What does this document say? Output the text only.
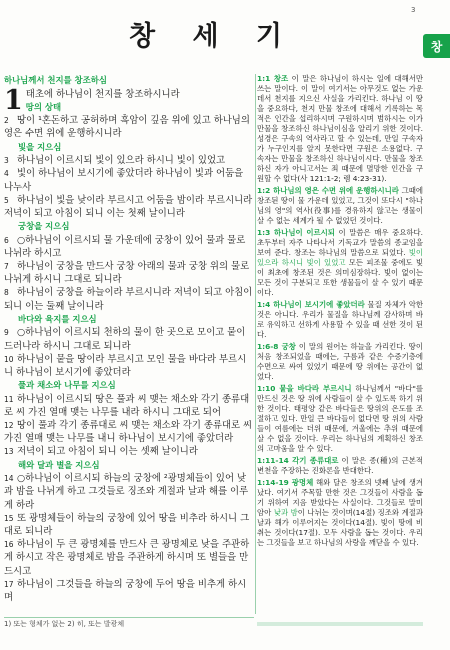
창 세 기
3
창
하나님께서 천지를 창조하심
1 태초에 하나님이 천지를 창조하시니라
땅의 상태
2 땅이 ¹혼돈하고 공허하며 흑암이 깊음 위에 있고 하나님의 영은 수면 위에 운행하시니라
빛을 지으심
3 하나님이 이르시되 빛이 있으라 하시니 빛이 있었고
4 빛이 하나님이 보시기에 좋았더라 하나님이 빛과 어둠을 나누사
5 하나님이 빛을 낮이라 부르시고 어둠을 밤이라 부르시니라 저녁이 되고 아침이 되니 이는 첫째 날이니라
궁창을 지으심
6 ○하나님이 이르시되 물 가운데에 궁창이 있어 물과 물로 나뉘라 하시고
7 하나님이 궁창을 만드사 궁창 아래의 물과 궁창 위의 물로 나뉘게 하시니 그대로 되니라
8 하나님이 궁창을 하늘이라 부르시니라 저녁이 되고 아침이 되니 이는 둘째 날이니라
바다와 육지를 지으심
9 ○하나님이 이르시되 천하의 물이 한 곳으로 모이고 뭍이 드러나라 하시니 그대로 되니라
10 하나님이 뭍을 땅이라 부르시고 모인 물을 바다라 부르시니 하나님이 보시기에 좋았더라
풀과 채소와 나무를 지으심
11 하나님이 이르시되 땅은 풀과 씨 맺는 채소와 각기 종류대로 씨 가진 열매 맺는 나무를 내라 하시니 그대로 되어
12 땅이 풀과 각기 종류대로 씨 맺는 채소와 각기 종류대로 씨 가진 열매 맺는 나무를 내니 하나님이 보시기에 좋았더라
13 저녁이 되고 아침이 되니 이는 셋째 날이니라
해와 달과 별을 지으심
14 ○하나님이 이르시되 하늘의 궁창에 ²광명체들이 있어 낮과 밤을 나뉘게 하고 그것들로 징조와 계절과 날과 해를 이루게 하라
15 또 광명체들이 하늘의 궁창에 있어 땅을 비추라 하시니 그대로 되니라
16 하나님이 두 큰 광명체를 만드사 큰 광명체로 낮을 주관하게 하시고 작은 광명체로 밤을 주관하게 하시며 또 별들을 만드시고
17 하나님이 그것들을 하늘의 궁창에 두어 땅을 비추게 하시며

1:1 창조 이 말은 하나님이 하시는 일에 대해서만 쓰는 말이다. 이 말이 여기서는 아무것도 없는 가운데서 천지를 지으신 사실을 가리킨다. 하나님 이 땅을 중요하다, 천지 만물 창조에 대해서 기록하는 목적은 인간을 섭리하시며 구원하시며 범하시는 이가 만물을 창조하신 하나님이심을 알리기 위한 것이다. 성경은 구속의 역사라고 할 수 있는데, 만일 구속자가 누구인지를 알지 못한다면 구원은 소용없다. 구속자는 만물을 창조하신 하나님이시다. 만물을 창조하신 자가 아니고서는 죄 때문에 멸망한 인간을 구원할 수 없다(사 121:1-2; 렘 4:23-31).

1:2 하나님의 영은 수면 위에 운행하시니라 그때에 창조된 땅이 물 가운데 있었고, 그것이 또다시 "하나님의 영"의 역사(役事)를 경유하지 않고는 생물이 살 수 없는 세계가 될 수 없었던 것이다.

1:3 하나님이 이르시되 이 말씀은 매우 중요하다. 초두부터 자주 나타나서 기독교가 말씀의 종교임을 보여 준다. 창조는 하나님의 말씀으로 되었다. 빛이 있으라 하시니 빛이 있었고 모든 피조물 중에도 빛이 최초에 창조된 것은 의미심장하다. 빛이 없이는 모든 것이 구분되고 또한 생물들이 살 수 있기 때문이다.

1:4 하나님이 보시기에 좋았더라 물질 자체가 악한 것은 아니다. 우리가 물질을 하나님께 감사하며 바로 유익하고 선하게 사용할 수 있을 때 선한 것이 된다.

1:6-8 궁창 이 말의 원어는 하늘을 가리킨다. 땅이 처음 창조되었을 때에는, 구름과 같은 수증기층에 수면으로 싸여 있었기 때문에 땅 위에는 공간이 없었다.

1:10 뭍을 바다라 부르시니 하나님께서 "바다"를 만드신 것은 땅 위에 사람들이 살 수 있도록 하기 위한 것이다. 태평양 같은 바다들은 땅위의 온도를 조절하고 있다. 만일 큰 바다들이 없다면 땅 위의 사람들이 여름에는 더위 때문에, 겨울에는 추위 때문에 살 수 없을 것이다. 우리는 하나님의 계획하신 창조의 고마움을 알 수 있다.

1:11-14 각기 종류대로 이 말은 종(種)의 근본적 변천을 주장하는 진화론을 반대한다.

1:14-19 광명체 해와 달은 창조의 넷째 날에 생겨났다. 여기서 주목할 만한 것은 그것들이 사람을 돕기 위하여 지음 받았다는 사실이다. 그것들로 말미암아 낮과 밤이 나뉘는 것이며(14절) 징조와 계절과 날과 해가 이루어지는 것이다(14절). 빛이 땅에 비취는 것이다(17절). 모두 사람을 돕는 것이다. 우리는 그것들을 보고 하나님의 사랑을 깨닫을 수 있다.

1) 또는 형체가 없는 2) 히, 또는 발광체
